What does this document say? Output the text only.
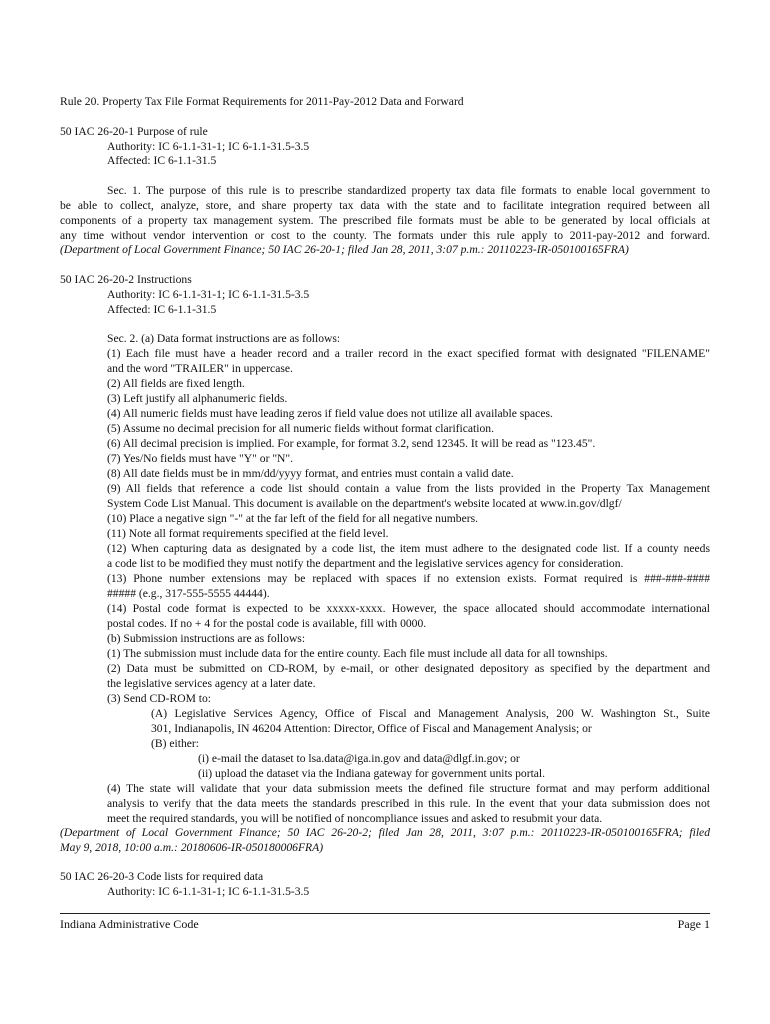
Rule 20. Property Tax File Format Requirements for 2011-Pay-2012 Data and Forward
50 IAC 26-20-1 Purpose of rule
Authority: IC 6-1.1-31-1; IC 6-1.1-31.5-3.5
Affected: IC 6-1.1-31.5
Sec. 1. The purpose of this rule is to prescribe standardized property tax data file formats to enable local government to
be able to collect, analyze, store, and share property tax data with the state and to facilitate integration required between all
components of a property tax management system. The prescribed file formats must be able to be generated by local officials at
any time without vendor intervention or cost to the county. The formats under this rule apply to 2011-pay-2012 and forward.
(Department of Local Government Finance; 50 IAC 26-20-1; filed Jan 28, 2011, 3:07 p.m.: 20110223-IR-050100165FRA)
50 IAC 26-20-2 Instructions
Authority: IC 6-1.1-31-1; IC 6-1.1-31.5-3.5
Affected: IC 6-1.1-31.5
Sec. 2. (a) Data format instructions are as follows:
(1) Each file must have a header record and a trailer record in the exact specified format with designated "FILENAME"
and the word "TRAILER" in uppercase.
(2) All fields are fixed length.
(3) Left justify all alphanumeric fields.
(4) All numeric fields must have leading zeros if field value does not utilize all available spaces.
(5) Assume no decimal precision for all numeric fields without format clarification.
(6) All decimal precision is implied. For example, for format 3.2, send 12345. It will be read as "123.45".
(7) Yes/No fields must have "Y" or "N".
(8) All date fields must be in mm/dd/yyyy format, and entries must contain a valid date.
(9) All fields that reference a code list should contain a value from the lists provided in the Property Tax Management
System Code List Manual. This document is available on the department's website located at www.in.gov/dlgf/
(10) Place a negative sign "-" at the far left of the field for all negative numbers.
(11) Note all format requirements specified at the field level.
(12) When capturing data as designated by a code list, the item must adhere to the designated code list. If a county needs
a code list to be modified they must notify the department and the legislative services agency for consideration.
(13) Phone number extensions may be replaced with spaces if no extension exists. Format required is ###-###-####
##### (e.g., 317-555-5555 44444).
(14) Postal code format is expected to be xxxxx-xxxx. However, the space allocated should accommodate international
postal codes. If no + 4 for the postal code is available, fill with 0000.
(b) Submission instructions are as follows:
(1) The submission must include data for the entire county. Each file must include all data for all townships.
(2) Data must be submitted on CD-ROM, by e-mail, or other designated depository as specified by the department and
the legislative services agency at a later date.
(3) Send CD-ROM to:
(A) Legislative Services Agency, Office of Fiscal and Management Analysis, 200 W. Washington St., Suite
301, Indianapolis, IN 46204 Attention: Director, Office of Fiscal and Management Analysis; or
(B) either:
(i) e-mail the dataset to lsa.data@iga.in.gov and data@dlgf.in.gov; or
(ii) upload the dataset via the Indiana gateway for government units portal.
(4) The state will validate that your data submission meets the defined file structure format and may perform additional
analysis to verify that the data meets the standards prescribed in this rule. In the event that your data submission does not
meet the required standards, you will be notified of noncompliance issues and asked to resubmit your data.
(Department of Local Government Finance; 50 IAC 26-20-2; filed Jan 28, 2011, 3:07 p.m.: 20110223-IR-050100165FRA; filed
May 9, 2018, 10:00 a.m.: 20180606-IR-050180006FRA)
50 IAC 26-20-3 Code lists for required data
Authority: IC 6-1.1-31-1; IC 6-1.1-31.5-3.5
Indiana Administrative Code	Page 1
